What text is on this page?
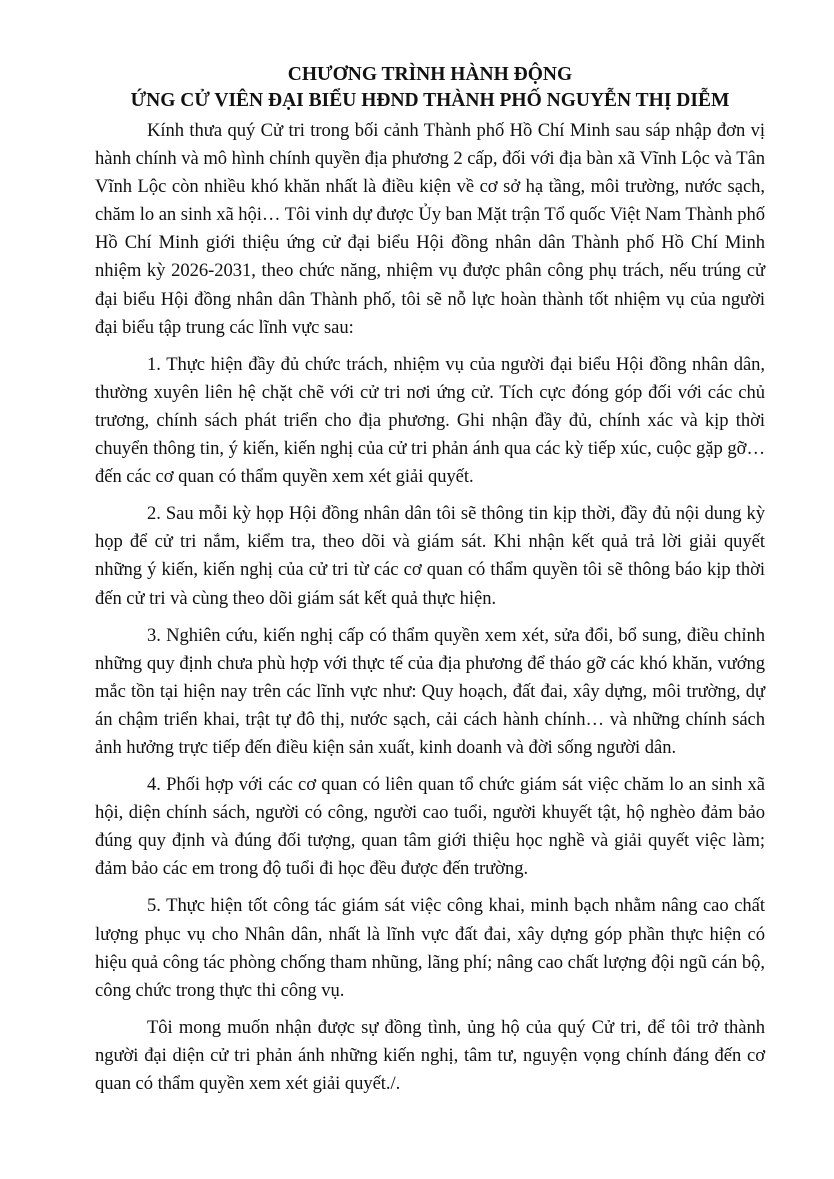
CHƯƠNG TRÌNH HÀNH ĐỘNG
ỨNG CỬ VIÊN ĐẠI BIỂU HĐND THÀNH PHỐ NGUYỄN THỊ DIỄM

Kính thưa quý Cử tri trong bối cảnh Thành phố Hồ Chí Minh sau sáp nhập đơn vị hành chính và mô hình chính quyền địa phương 2 cấp, đối với địa bàn xã Vĩnh Lộc và Tân Vĩnh Lộc còn nhiều khó khăn nhất là điều kiện về cơ sở hạ tầng, môi trường, nước sạch, chăm lo an sinh xã hội… Tôi vinh dự được Ủy ban Mặt trận Tổ quốc Việt Nam Thành phố Hồ Chí Minh giới thiệu ứng cử đại biểu Hội đồng nhân dân Thành phố Hồ Chí Minh nhiệm kỳ 2026-2031, theo chức năng, nhiệm vụ được phân công phụ trách, nếu trúng cử đại biểu Hội đồng nhân dân Thành phố, tôi sẽ nỗ lực hoàn thành tốt nhiệm vụ của người đại biểu tập trung các lĩnh vực sau:

1. Thực hiện đầy đủ chức trách, nhiệm vụ của người đại biểu Hội đồng nhân dân, thường xuyên liên hệ chặt chẽ với cử tri nơi ứng cử. Tích cực đóng góp đối với các chủ trương, chính sách phát triển cho địa phương. Ghi nhận đầy đủ, chính xác và kịp thời chuyển thông tin, ý kiến, kiến nghị của cử tri phản ánh qua các kỳ tiếp xúc, cuộc gặp gỡ… đến các cơ quan có thẩm quyền xem xét giải quyết.

2. Sau mỗi kỳ họp Hội đồng nhân dân tôi sẽ thông tin kịp thời, đầy đủ nội dung kỳ họp để cử tri nắm, kiểm tra, theo dõi và giám sát. Khi nhận kết quả trả lời giải quyết những ý kiến, kiến nghị của cử tri từ các cơ quan có thẩm quyền tôi sẽ thông báo kịp thời đến cử tri và cùng theo dõi giám sát kết quả thực hiện.

3. Nghiên cứu, kiến nghị cấp có thẩm quyền xem xét, sửa đổi, bổ sung, điều chỉnh những quy định chưa phù hợp với thực tế của địa phương để tháo gỡ các khó khăn, vướng mắc tồn tại hiện nay trên các lĩnh vực như: Quy hoạch, đất đai, xây dựng, môi trường, dự án chậm triển khai, trật tự đô thị, nước sạch, cải cách hành chính… và những chính sách ảnh hưởng trực tiếp đến điều kiện sản xuất, kinh doanh và đời sống người dân.

4. Phối hợp với các cơ quan có liên quan tổ chức giám sát việc chăm lo an sinh xã hội, diện chính sách, người có công, người cao tuổi, người khuyết tật, hộ nghèo đảm bảo đúng quy định và đúng đối tượng, quan tâm giới thiệu học nghề và giải quyết việc làm; đảm bảo các em trong độ tuổi đi học đều được đến trường.

5. Thực hiện tốt công tác giám sát việc công khai, minh bạch nhằm nâng cao chất lượng phục vụ cho Nhân dân, nhất là lĩnh vực đất đai, xây dựng góp phần thực hiện có hiệu quả công tác phòng chống tham nhũng, lãng phí; nâng cao chất lượng đội ngũ cán bộ, công chức trong thực thi công vụ.

Tôi mong muốn nhận được sự đồng tình, ủng hộ của quý Cử tri, để tôi trở thành người đại diện cử tri phản ánh những kiến nghị, tâm tư, nguyện vọng chính đáng đến cơ quan có thẩm quyền xem xét giải quyết./.
